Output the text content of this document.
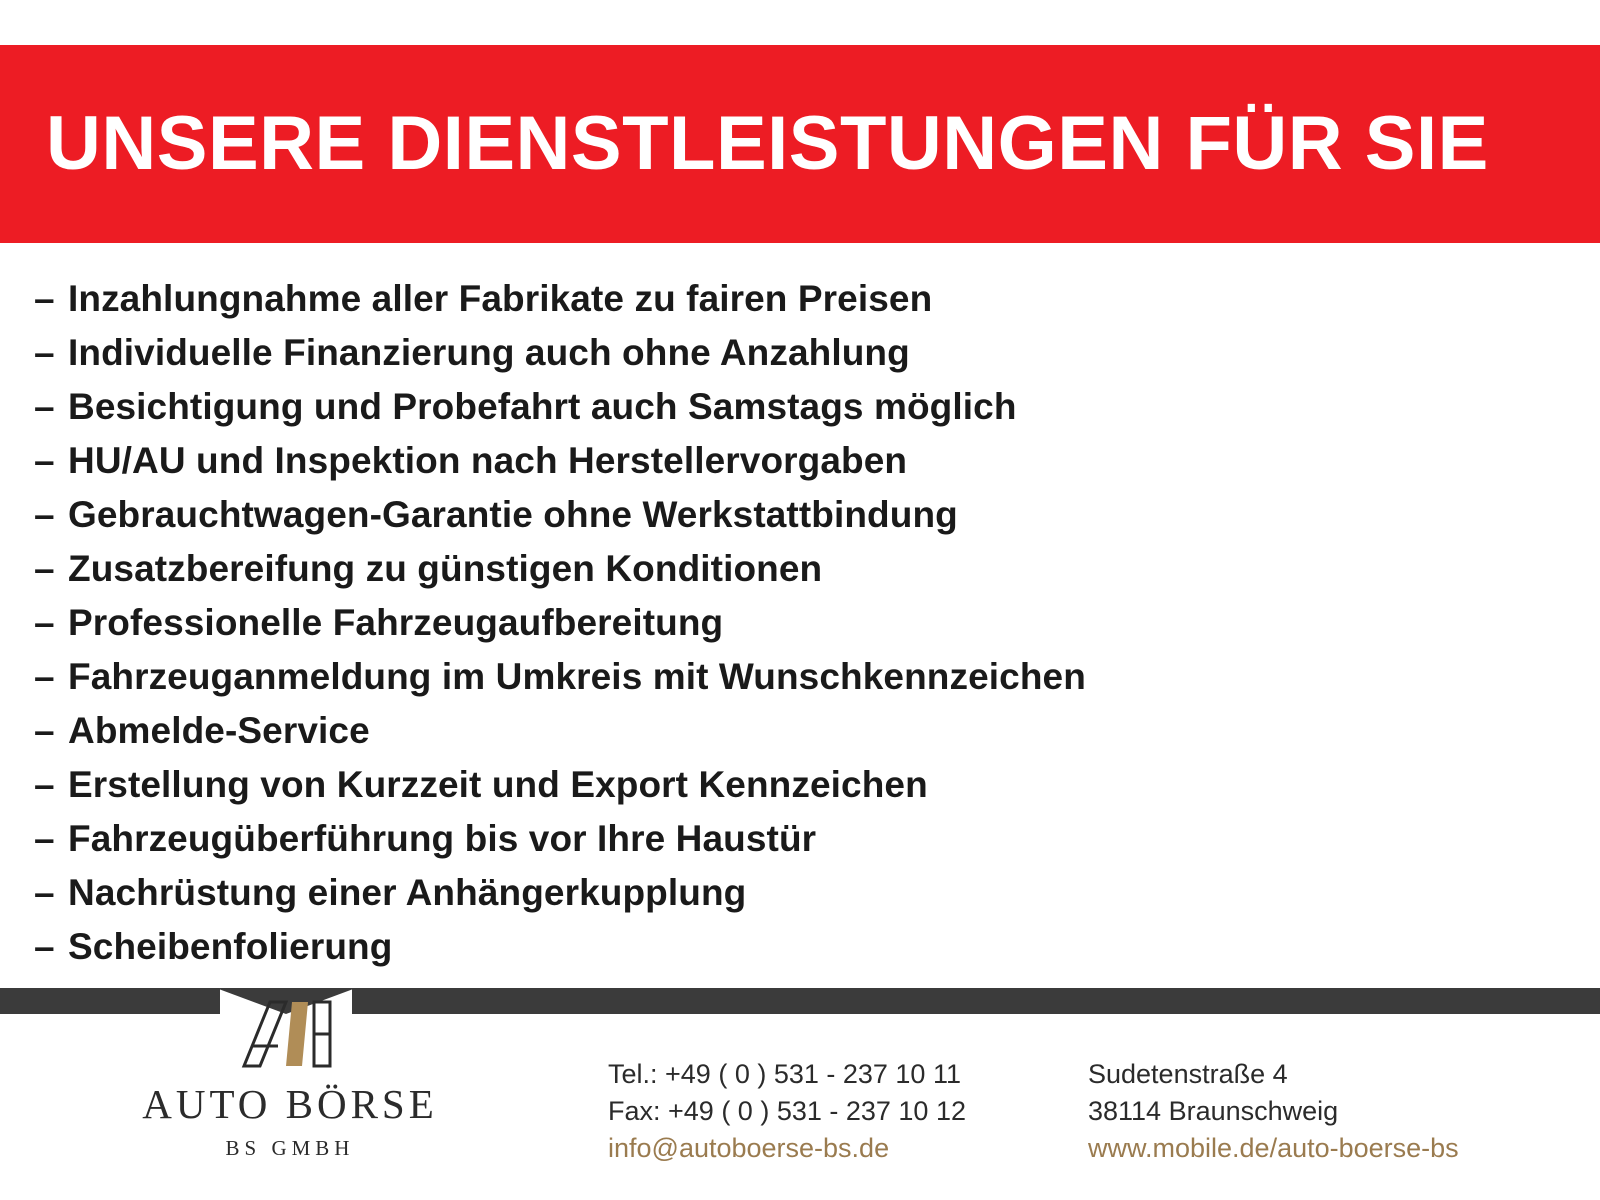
UNSERE DIENSTLEISTUNGEN FÜR SIE
– Inzahlungnahme aller Fabrikate zu fairen Preisen
– Individuelle Finanzierung auch ohne Anzahlung
– Besichtigung und Probefahrt auch Samstags möglich
– HU/AU und Inspektion nach Herstellervorgaben
– Gebrauchtwagen-Garantie ohne Werkstattbindung
– Zusatzbereifung zu günstigen Konditionen
– Professionelle Fahrzeugaufbereitung
– Fahrzeuganmeldung im Umkreis mit Wunschkennzeichen
– Abmelde-Service
– Erstellung von Kurzzeit und Export Kennzeichen
– Fahrzeugüberführung bis vor Ihre Haustür
– Nachrüstung einer Anhängerkupplung
– Scheibenfolierung
AUTO BÖRSE
BS GMBH
Tel.: +49 ( 0 ) 531 - 237 10 11
Fax: +49 ( 0 ) 531 - 237 10 12
info@autoboerse-bs.de
Sudetenstraße 4
38114 Braunschweig
www.mobile.de/auto-boerse-bs
